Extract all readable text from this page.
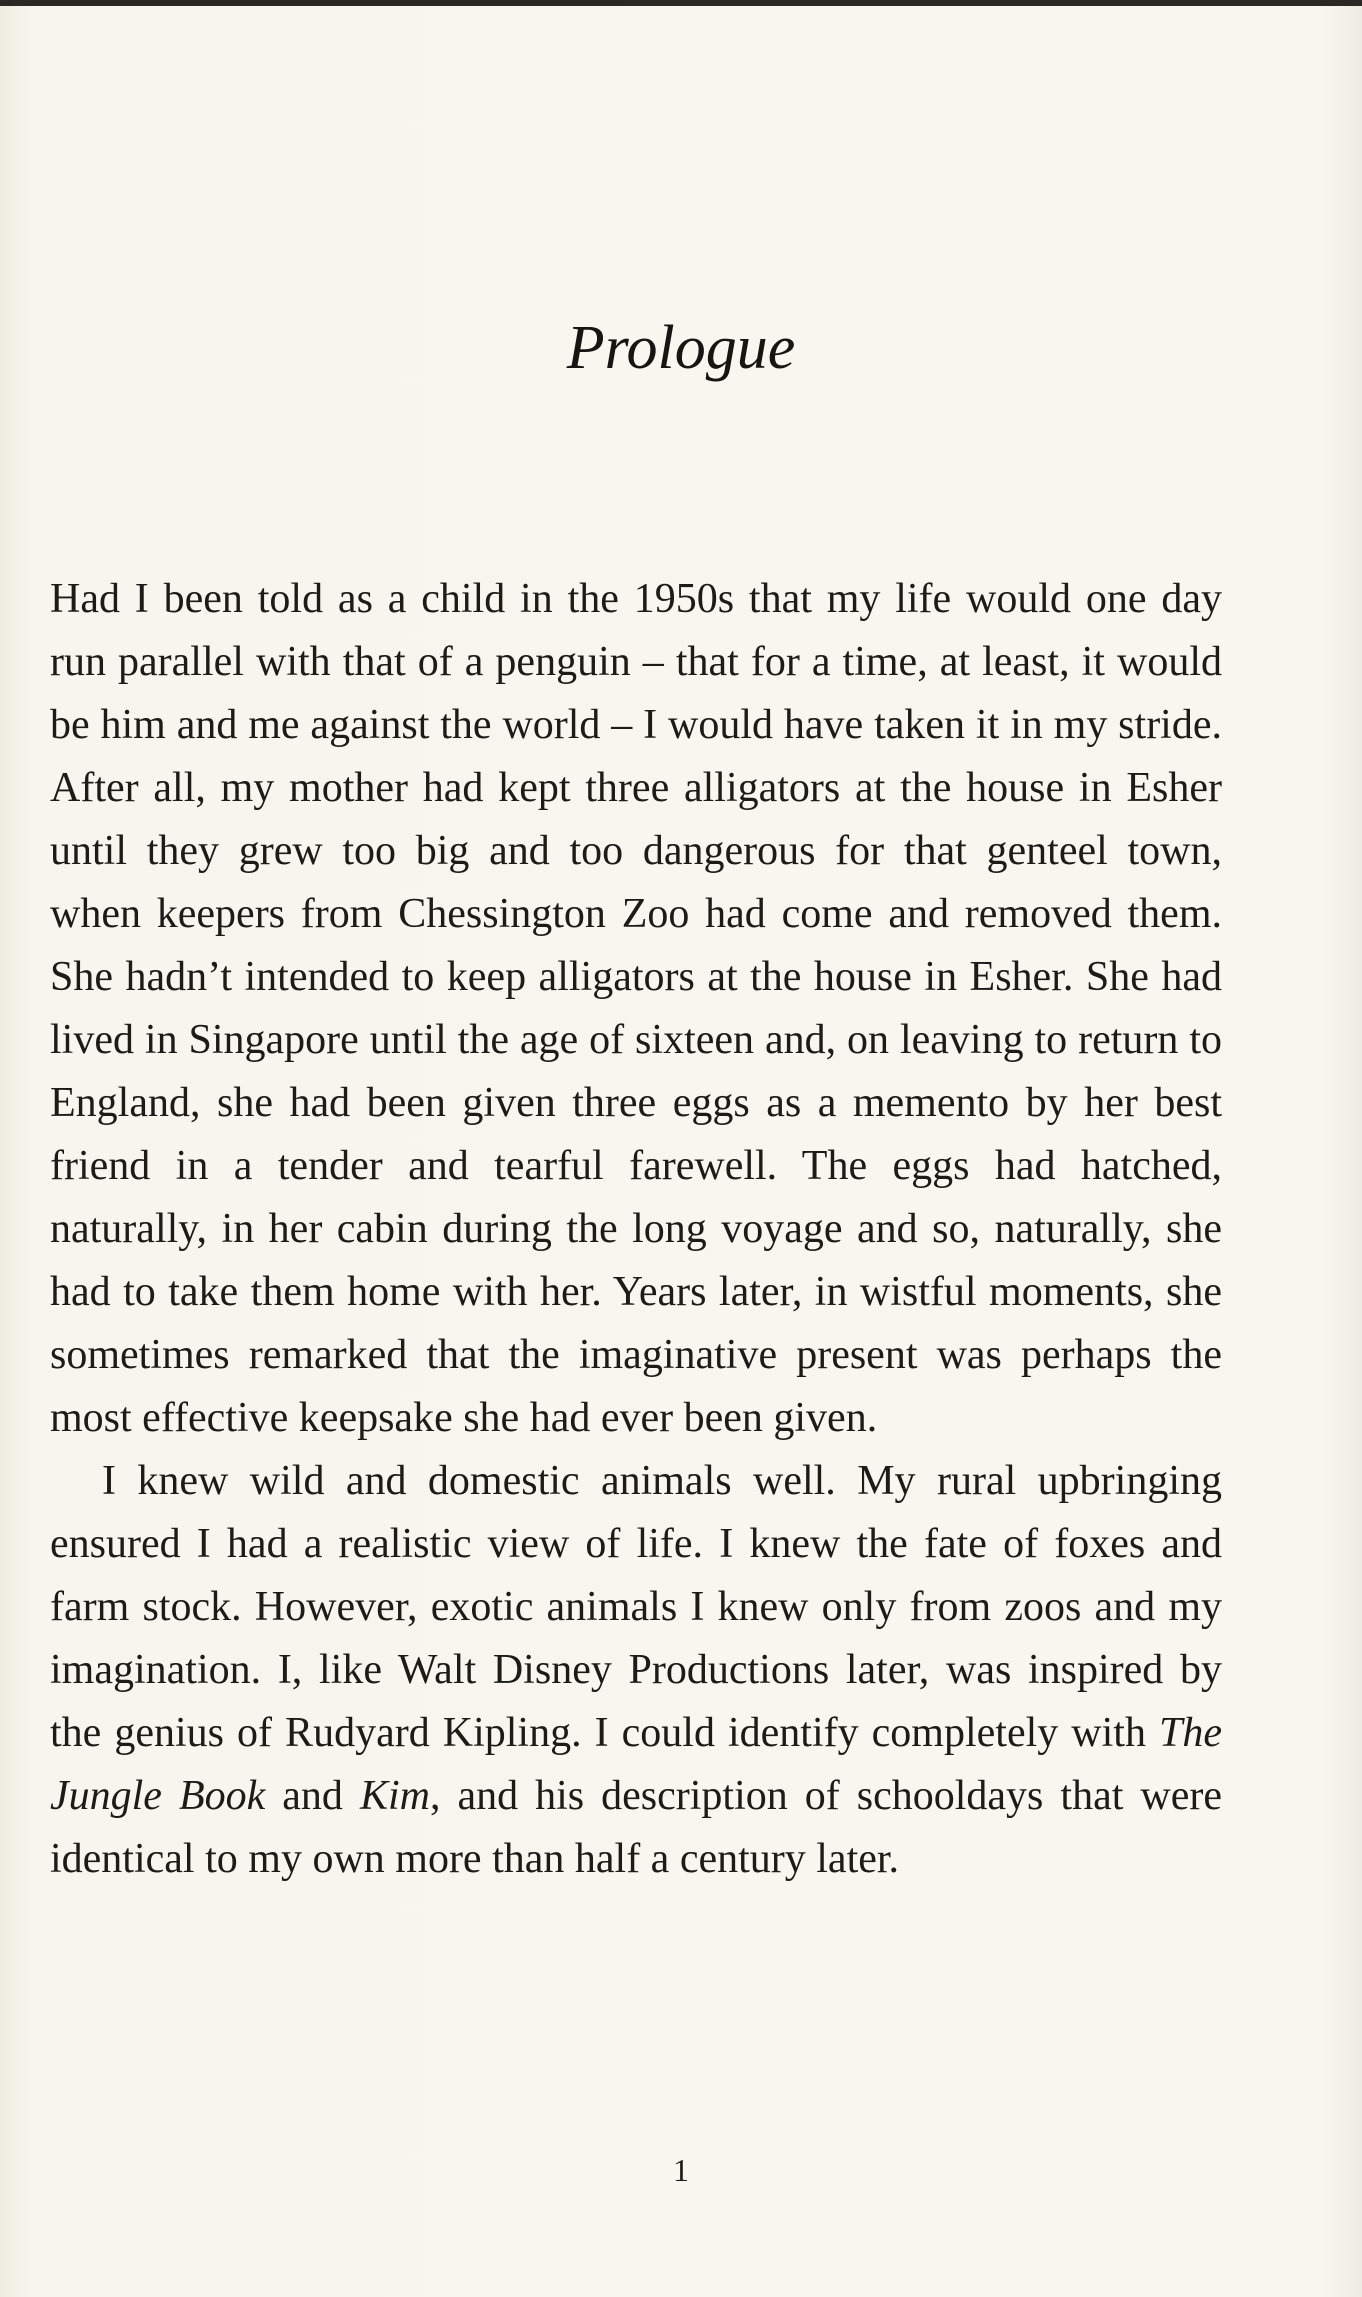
Prologue

Had I been told as a child in the 1950s that my life would one day run parallel with that of a penguin – that for a time, at least, it would be him and me against the world – I would have taken it in my stride. After all, my mother had kept three alligators at the house in Esher until they grew too big and too dangerous for that genteel town, when keepers from Chessington Zoo had come and removed them. She hadn’t intended to keep alligators at the house in Esher. She had lived in Singapore until the age of sixteen and, on leaving to return to England, she had been given three eggs as a memento by her best friend in a tender and tearful farewell. The eggs had hatched, naturally, in her cabin during the long voyage and so, naturally, she had to take them home with her. Years later, in wistful moments, she sometimes remarked that the imaginative present was perhaps the most effective keepsake she had ever been given.

I knew wild and domestic animals well. My rural upbringing ensured I had a realistic view of life. I knew the fate of foxes and farm stock. However, exotic animals I knew only from zoos and my imagination. I, like Walt Disney Productions later, was inspired by the genius of Rudyard Kipling. I could identify completely with The Jungle Book and Kim, and his description of schooldays that were identical to my own more than half a century later.

1
